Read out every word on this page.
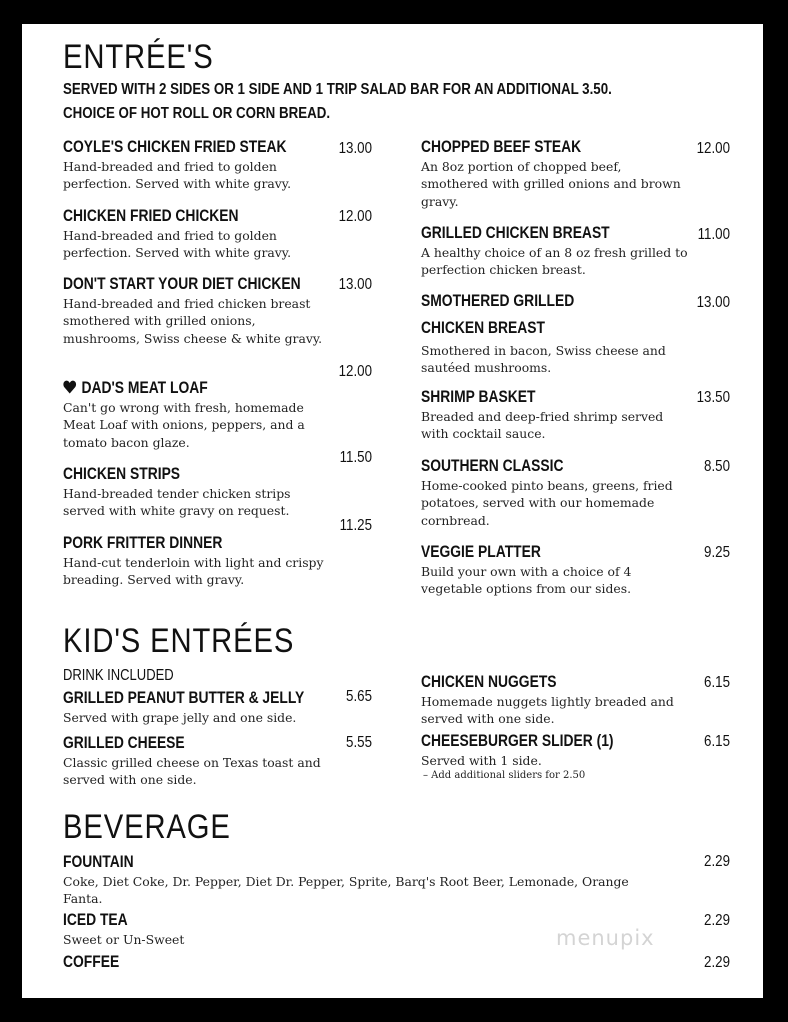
ENTRÉE'S
SERVED WITH 2 SIDES OR 1 SIDE AND 1 TRIP SALAD BAR FOR AN ADDITIONAL 3.50. CHOICE OF HOT ROLL OR CORN BREAD.
COYLE'S CHICKEN FRIED STEAK
Hand-breaded and fried to golden perfection. Served with white gravy.
13.00
CHICKEN FRIED CHICKEN
Hand-breaded and fried to golden perfection. Served with white gravy.
12.00
DON'T START YOUR DIET CHICKEN
Hand-breaded and fried chicken breast smothered with grilled onions, mushrooms, Swiss cheese & white gravy.
13.00
DAD'S MEAT LOAF
Can't go wrong with fresh, homemade Meat Loaf with onions, peppers, and a tomato bacon glaze.
12.00
CHICKEN STRIPS
Hand-breaded tender chicken strips served with white gravy on request.
11.50
PORK FRITTER DINNER
Hand-cut tenderloin with light and crispy breading. Served with gravy.
11.25
CHOPPED BEEF STEAK
An 8oz portion of chopped beef, smothered with grilled onions and brown gravy.
12.00
GRILLED CHICKEN BREAST
A healthy choice of an 8 oz fresh grilled to perfection chicken breast.
11.00
SMOTHERED GRILLED CHICKEN BREAST
Smothered in bacon, Swiss cheese and sautéed mushrooms.
13.00
SHRIMP BASKET
Breaded and deep-fried shrimp served with cocktail sauce.
13.50
SOUTHERN CLASSIC
Home-cooked pinto beans, greens, fried potatoes, served with our homemade cornbread.
8.50
VEGGIE PLATTER
Build your own with a choice of 4 vegetable options from our sides.
9.25
KID'S ENTRÉES
DRINK INCLUDED
GRILLED PEANUT BUTTER & JELLY
Served with grape jelly and one side.
5.65
GRILLED CHEESE
Classic grilled cheese on Texas toast and served with one side.
5.55
CHICKEN NUGGETS
Homemade nuggets lightly breaded and served with one side.
6.15
CHEESEBURGER SLIDER (1)
Served with 1 side.
– Add additional sliders for 2.50
6.15
BEVERAGE
FOUNTAIN
Coke, Diet Coke, Dr. Pepper, Diet Dr. Pepper, Sprite, Barq's Root Beer, Lemonade, Orange Fanta.
2.29
ICED TEA
Sweet or Un-Sweet
2.29
COFFEE	2.29
menupix
